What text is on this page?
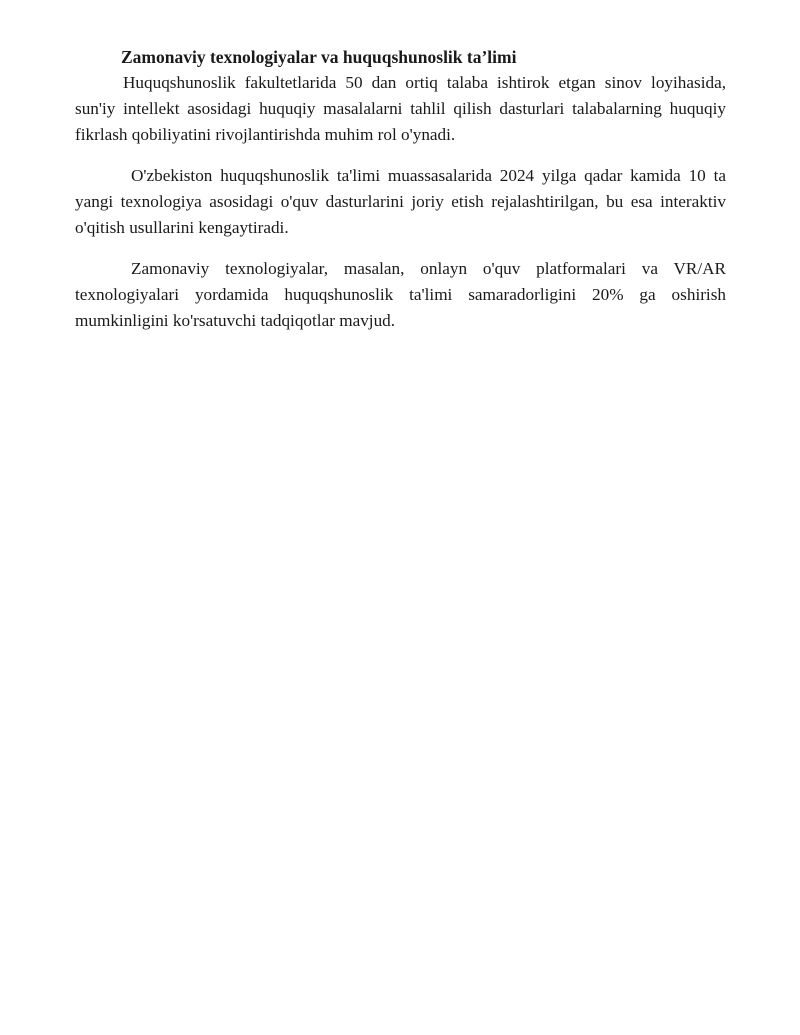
Zamonaviy texnologiyalar va huquqshunoslik ta’limi

Huquqshunoslik fakultetlarida 50 dan ortiq talaba ishtirok etgan sinov loyihasida, sun'iy intellekt asosidagi huquqiy masalalarni tahlil qilish dasturlari talabalarning huquqiy fikrlash qobiliyatini rivojlantirishda muhim rol o'ynadi.

O'zbekiston huquqshunoslik ta'limi muassasalarida 2024 yilga qadar kamida 10 ta yangi texnologiya asosidagi o'quv dasturlarini joriy etish rejalashtirilgan, bu esa interaktiv o'qitish usullarini kengaytiradi.

Zamonaviy texnologiyalar, masalan, onlayn o'quv platformalari va VR/AR texnologiyalari yordamida huquqshunoslik ta'limi samaradorligini 20% ga oshirish mumkinligini ko'rsatuvchi tadqiqotlar mavjud.
